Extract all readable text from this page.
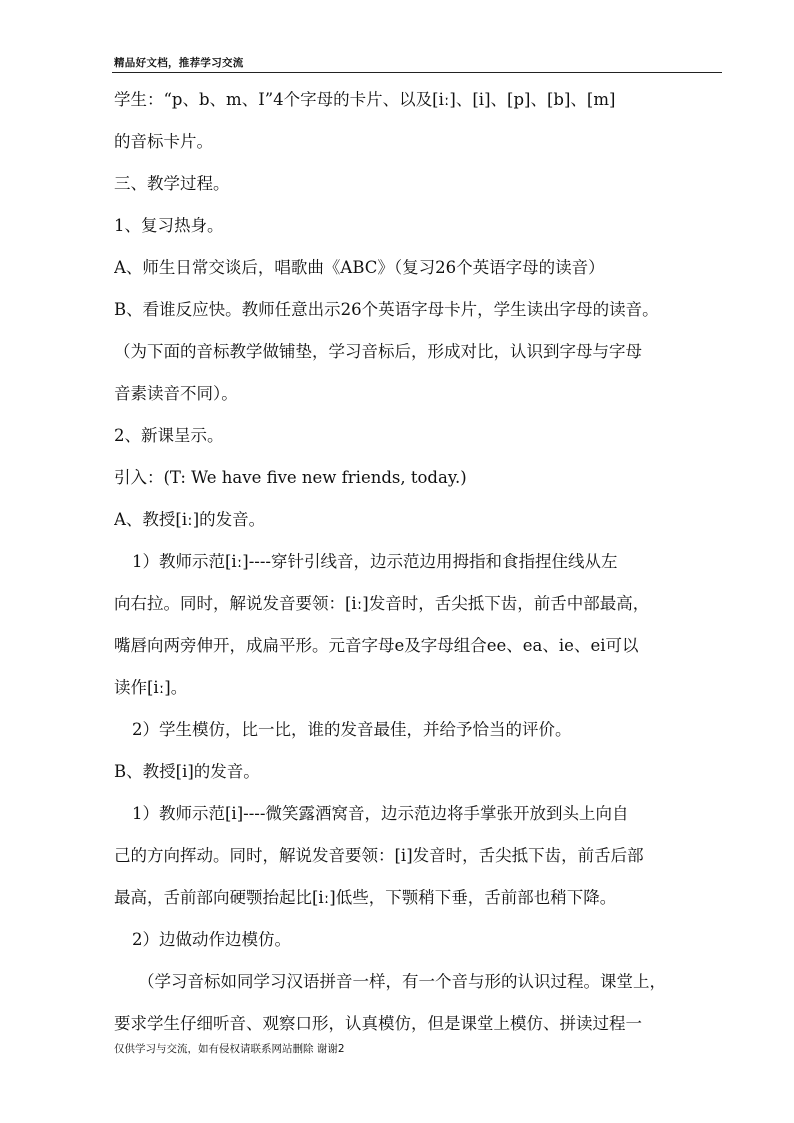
精品好文档，推荐学习交流
学生：“p、b、m、I”4个字母的卡片、以及[iː]、[i]、[p]、[b]、[m]
的音标卡片。
三、教学过程。
1、复习热身。
A、师生日常交谈后，唱歌曲《ABC》（复习26个英语字母的读音）
B、看谁反应快。教师任意出示26个英语字母卡片，学生读出字母的读音。
（为下面的音标教学做铺垫，学习音标后，形成对比，认识到字母与字母
音素读音不同）。
2、新课呈示。
引入：(T: We have five new friends, today.)
A、教授[iː]的发音。
1）教师示范[iː]----穿针引线音，边示范边用拇指和食指捏住线从左
向右拉。同时，解说发音要领：[iː]发音时，舌尖抵下齿，前舌中部最高，
嘴唇向两旁伸开，成扁平形。元音字母e及字母组合ee、ea、ie、ei可以
读作[iː]。
2）学生模仿，比一比，谁的发音最佳，并给予恰当的评价。
B、教授[i]的发音。
1）教师示范[i]----微笑露酒窝音，边示范边将手掌张开放到头上向自
己的方向挥动。同时，解说发音要领：[i]发音时，舌尖抵下齿，前舌后部
最高，舌前部向硬颚抬起比[iː]低些，下颚稍下垂，舌前部也稍下降。
2）边做动作边模仿。
（学习音标如同学习汉语拼音一样，有一个音与形的认识过程。课堂上，
要求学生仔细听音、观察口形，认真模仿，但是课堂上模仿、拼读过程一
仅供学习与交流，如有侵权请联系网站删除 谢谢2
